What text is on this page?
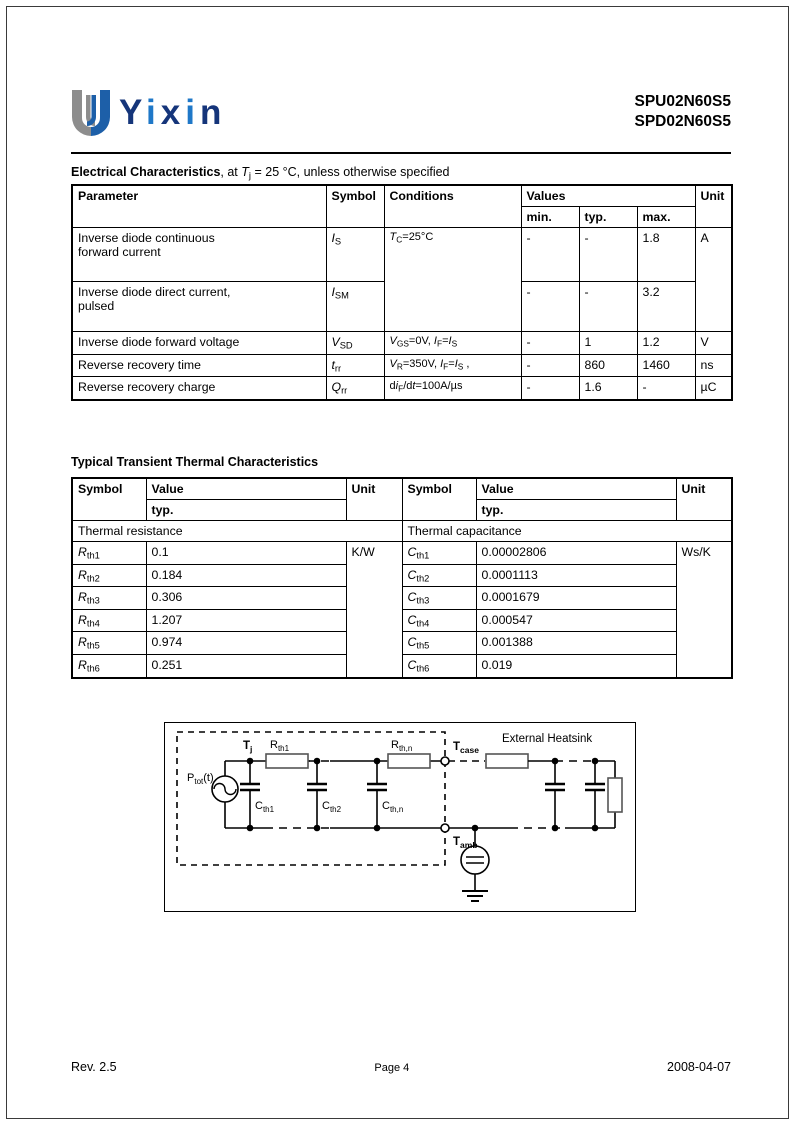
Yixin	SPU02N60S5
SPD02N60S5
Electrical Characteristics, at $T_j = 25$ °C, unless otherwise specified
Parameter	Symbol	Conditions	Values			Unit
			min.	typ.	max.	

Inverse diode continuous
forward current	$I_S$	$T_C=25^\circ C$	-	-	1.8	A

Inverse diode direct current,
pulsed	$I_{SM}$		-	-	3.2	
Inverse diode forward voltage	$V_{SD}$	$V_{GS}=0V$, $I_F=I_S$	-	1	1.2	V
Reverse recovery time	$t_{rr}$	$V_R=350V$, $I_F=I_S$ ,	-	860	1460	ns
Reverse recovery charge	$Q_{rr}$	$di_F/dt=100A/\mu s$	-	1.6	-	µC
Typical Transient Thermal Characteristics
Symbol	Value	Unit	Symbol	Value	Unit
	typ.			typ.	
Thermal resistance			Thermal capacitance		
$R_{th1}$	0.1	K/W	$C_{th1}$	0.00002806	Ws/K
$R_{th2}$	0.184		$C_{th2}$	0.0001113	
$R_{th3}$	0.306		$C_{th3}$	0.0001679	
$R_{th4}$	1.207		$C_{th4}$	0.000547	
$R_{th5}$	0.974		$C_{th5}$	0.001388	
$R_{th6}$	0.251		$C_{th6}$	0.019	
$P_{tot}(t)$
$T_j$ $R_{th1}$	$R_{th,n}$
$C_{th1}$	$C_{th2}$	$C_{th,n}$
$T_{case}$
$T_{amb}$
External Heatsink
Rev. 2.5	Page 4	2008-04-07
